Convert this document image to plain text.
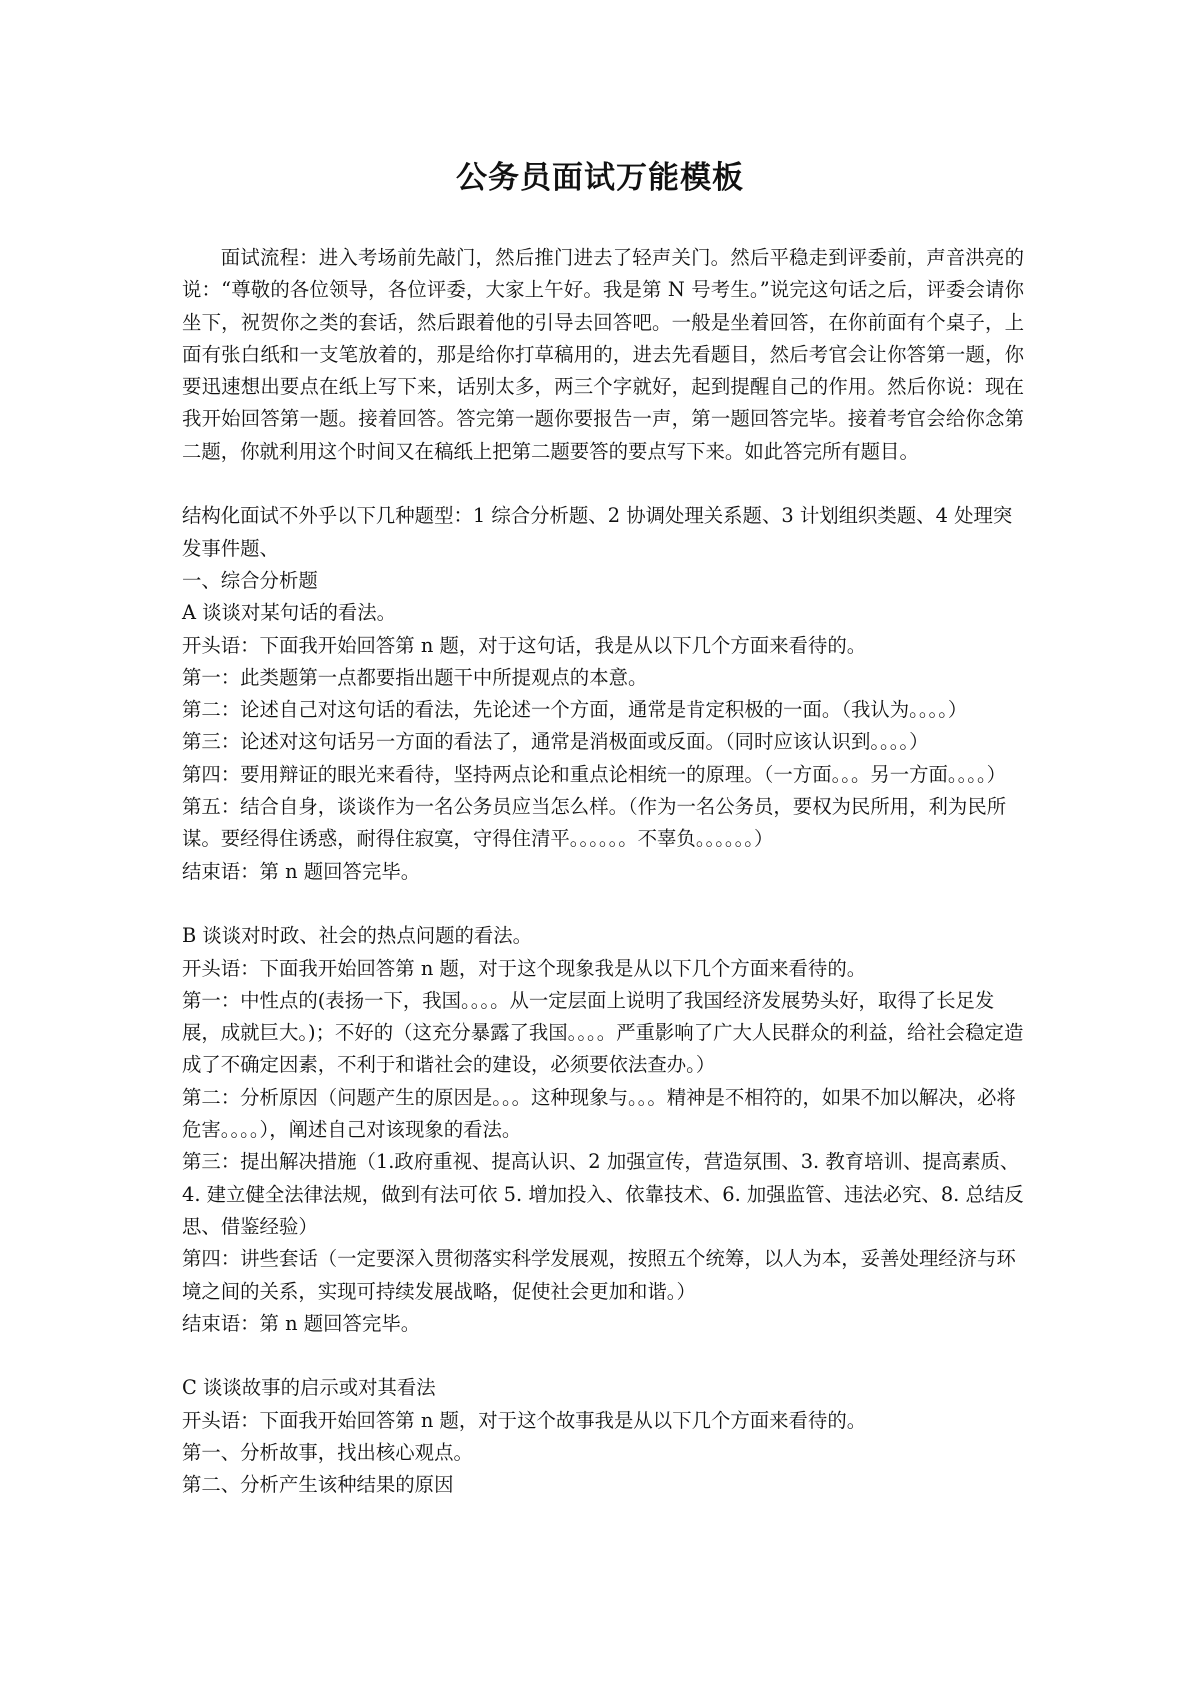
公务员面试万能模板

面试流程：进入考场前先敲门，然后推门进去了轻声关门。然后平稳走到评委前，声音洪亮的说：“尊敬的各位领导，各位评委，大家上午好。我是第 N 号考生。”说完这句话之后，评委会请你坐下，祝贺你之类的套话，然后跟着他的引导去回答吧。一般是坐着回答，在你前面有个桌子，上面有张白纸和一支笔放着的，那是给你打草稿用的，进去先看题目，然后考官会让你答第一题，你要迅速想出要点在纸上写下来，话别太多，两三个字就好，起到提醒自己的作用。然后你说：现在我开始回答第一题。接着回答。答完第一题你要报告一声，第一题回答完毕。接着考官会给你念第二题，你就利用这个时间又在稿纸上把第二题要答的要点写下来。如此答完所有题目。

结构化面试不外乎以下几种题型：1 综合分析题、2 协调处理关系题、3 计划组织类题、4 处理突发事件题、

一、综合分析题

A 谈谈对某句话的看法。

开头语：下面我开始回答第 n 题，对于这句话，我是从以下几个方面来看待的。

第一：此类题第一点都要指出题干中所提观点的本意。

第二：论述自己对这句话的看法，先论述一个方面，通常是肯定积极的一面。（我认为。。。。）

第三：论述对这句话另一方面的看法了，通常是消极面或反面。（同时应该认识到。。。。）

第四：要用辩证的眼光来看待，坚持两点论和重点论相统一的原理。（一方面。。。另一方面。。。。）

第五：结合自身，谈谈作为一名公务员应当怎么样。（作为一名公务员，要权为民所用，利为民所谋。要经得住诱惑，耐得住寂寞，守得住清平。。。。。。不辜负。。。。。。）

结束语：第 n 题回答完毕。

B 谈谈对时政、社会的热点问题的看法。

开头语：下面我开始回答第 n 题，对于这个现象我是从以下几个方面来看待的。

第一：中性点的(表扬一下，我国。。。。从一定层面上说明了我国经济发展势头好，取得了长足发展，成就巨大。)；不好的（这充分暴露了我国。。。。严重影响了广大人民群众的利益，给社会稳定造成了不确定因素，不利于和谐社会的建设，必须要依法查办。）

第二：分析原因（问题产生的原因是。。。这种现象与。。。精神是不相符的，如果不加以解决，必将危害。。。。），阐述自己对该现象的看法。

第三：提出解决措施（1.政府重视、提高认识、2 加强宣传，营造氛围、3. 教育培训、提高素质、4. 建立健全法律法规，做到有法可依 5. 增加投入、依靠技术、6. 加强监管、违法必究、8. 总结反思、借鉴经验）

第四：讲些套话（一定要深入贯彻落实科学发展观，按照五个统筹，以人为本，妥善处理经济与环境之间的关系，实现可持续发展战略，促使社会更加和谐。）

结束语：第 n 题回答完毕。

C 谈谈故事的启示或对其看法

开头语：下面我开始回答第 n 题，对于这个故事我是从以下几个方面来看待的。

第一、分析故事，找出核心观点。

第二、分析产生该种结果的原因
